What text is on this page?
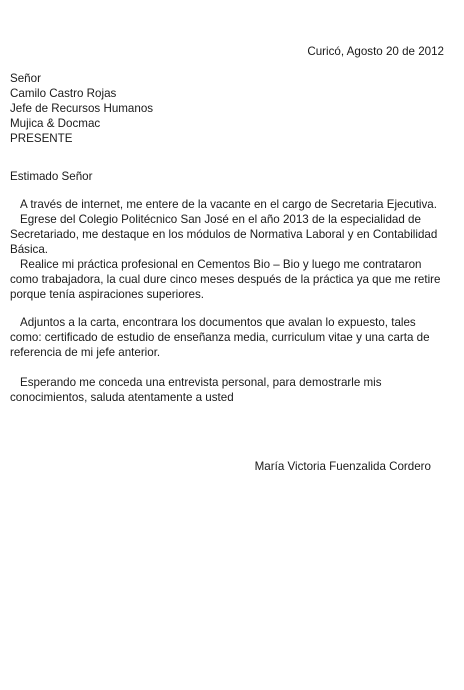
Curicó, Agosto 20 de 2012
Señor
Camilo Castro Rojas
Jefe de Recursos Humanos
Mujica & Docmac
PRESENTE
Estimado Señor

A través de internet, me entere de la vacante en el cargo de Secretaria Ejecutiva.

Egrese del Colegio Politécnico San José en el año 2013 de la especialidad de Secretariado, me destaque en los módulos de Normativa Laboral y en Contabilidad Básica.

Realice mi práctica profesional en Cementos Bio – Bio y luego me contrataron como trabajadora, la cual dure cinco meses después de la práctica ya que me retire porque tenía aspiraciones superiores.

Adjuntos a la carta, encontrara los documentos que avalan lo expuesto, tales como: certificado de estudio de enseñanza media, curriculum vitae y una carta de referencia de mi jefe anterior.

Esperando me conceda una entrevista personal, para demostrarle mis conocimientos, saluda atentamente a usted

María Victoria Fuenzalida Cordero
